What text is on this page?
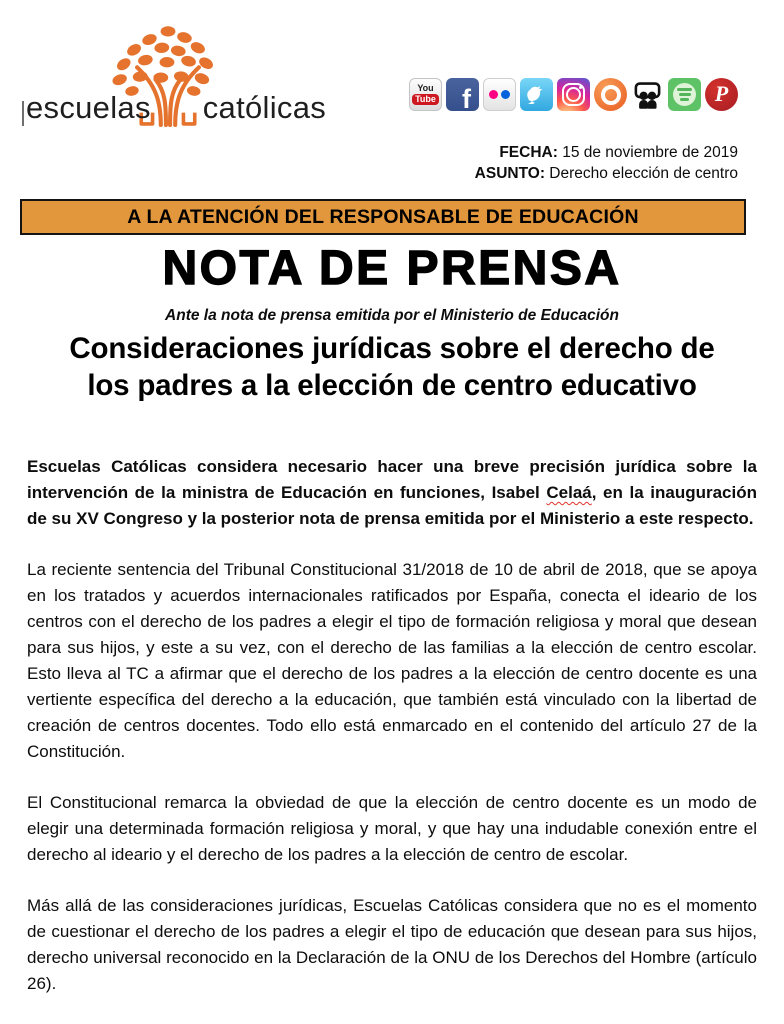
escuelas católicas
You
Tube f	P
FECHA: 15 de noviembre de 2019
ASUNTO: Derecho elección de centro
A LA ATENCIÓN DEL RESPONSABLE DE EDUCACIÓN
NOTA DE PRENSA
Ante la nota de prensa emitida por el Ministerio de Educación
Consideraciones jurídicas sobre el derecho de
los padres a la elección de centro educativo

Escuelas Católicas considera necesario hacer una breve precisión jurídica sobre la intervención de la ministra de Educación en funciones, Isabel Celaá, en la inauguración de su XV Congreso y la posterior nota de prensa emitida por el Ministerio a este respecto.

La reciente sentencia del Tribunal Constitucional 31/2018 de 10 de abril de 2018, que se apoya en los tratados y acuerdos internacionales ratificados por España, conecta el ideario de los centros con el derecho de los padres a elegir el tipo de formación religiosa y moral que desean para sus hijos, y este a su vez, con el derecho de las familias a la elección de centro escolar. Esto lleva al TC a afirmar que el derecho de los padres a la elección de centro docente es una vertiente específica del derecho a la educación, que también está vinculado con la libertad de creación de centros docentes. Todo ello está enmarcado en el contenido del artículo 27 de la Constitución.

El Constitucional remarca la obviedad de que la elección de centro docente es un modo de elegir una determinada formación religiosa y moral, y que hay una indudable conexión entre el derecho al ideario y el derecho de los padres a la elección de centro de escolar.

Más allá de las consideraciones jurídicas, Escuelas Católicas considera que no es el momento de cuestionar el derecho de los padres a elegir el tipo de educación que desean para sus hijos, derecho universal reconocido en la Declaración de la ONU de los Derechos del Hombre (artículo 26).
